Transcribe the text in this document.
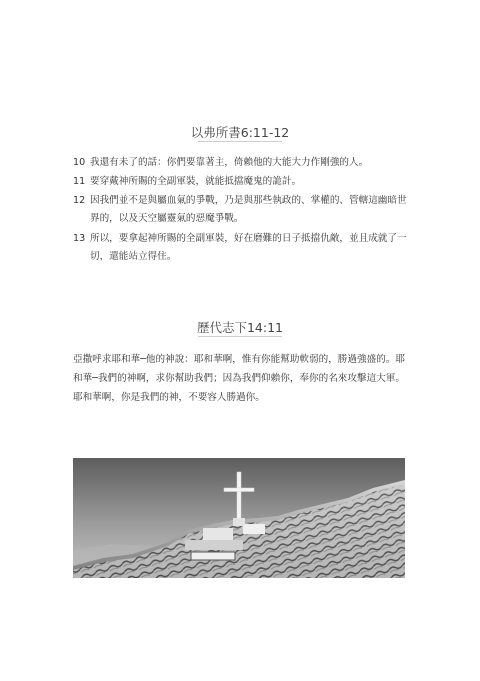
以弗所書6:11-12
10 我還有未了的話：你們要靠著主，倚賴他的大能大力作剛強的人。
11 要穿戴神所賜的全副軍裝，就能抵擋魔鬼的詭計。
12 因我們並不是與屬血氣的爭戰，乃是與那些執政的、掌權的、管轄這幽暗世界的，以及天空屬靈氣的惡魔爭戰。
13 所以，要拿起神所賜的全副軍裝，好在磨難的日子抵擋仇敵，並且成就了一切，還能站立得住。
歷代志下14:11
亞撒呼求耶和華─他的神說：耶和華啊，惟有你能幫助軟弱的，勝過強盛的。耶和華─我們的神啊，求你幫助我們；因為我們仰賴你，奉你的名來攻擊這大軍。耶和華啊，你是我們的神，不要容人勝過你。
